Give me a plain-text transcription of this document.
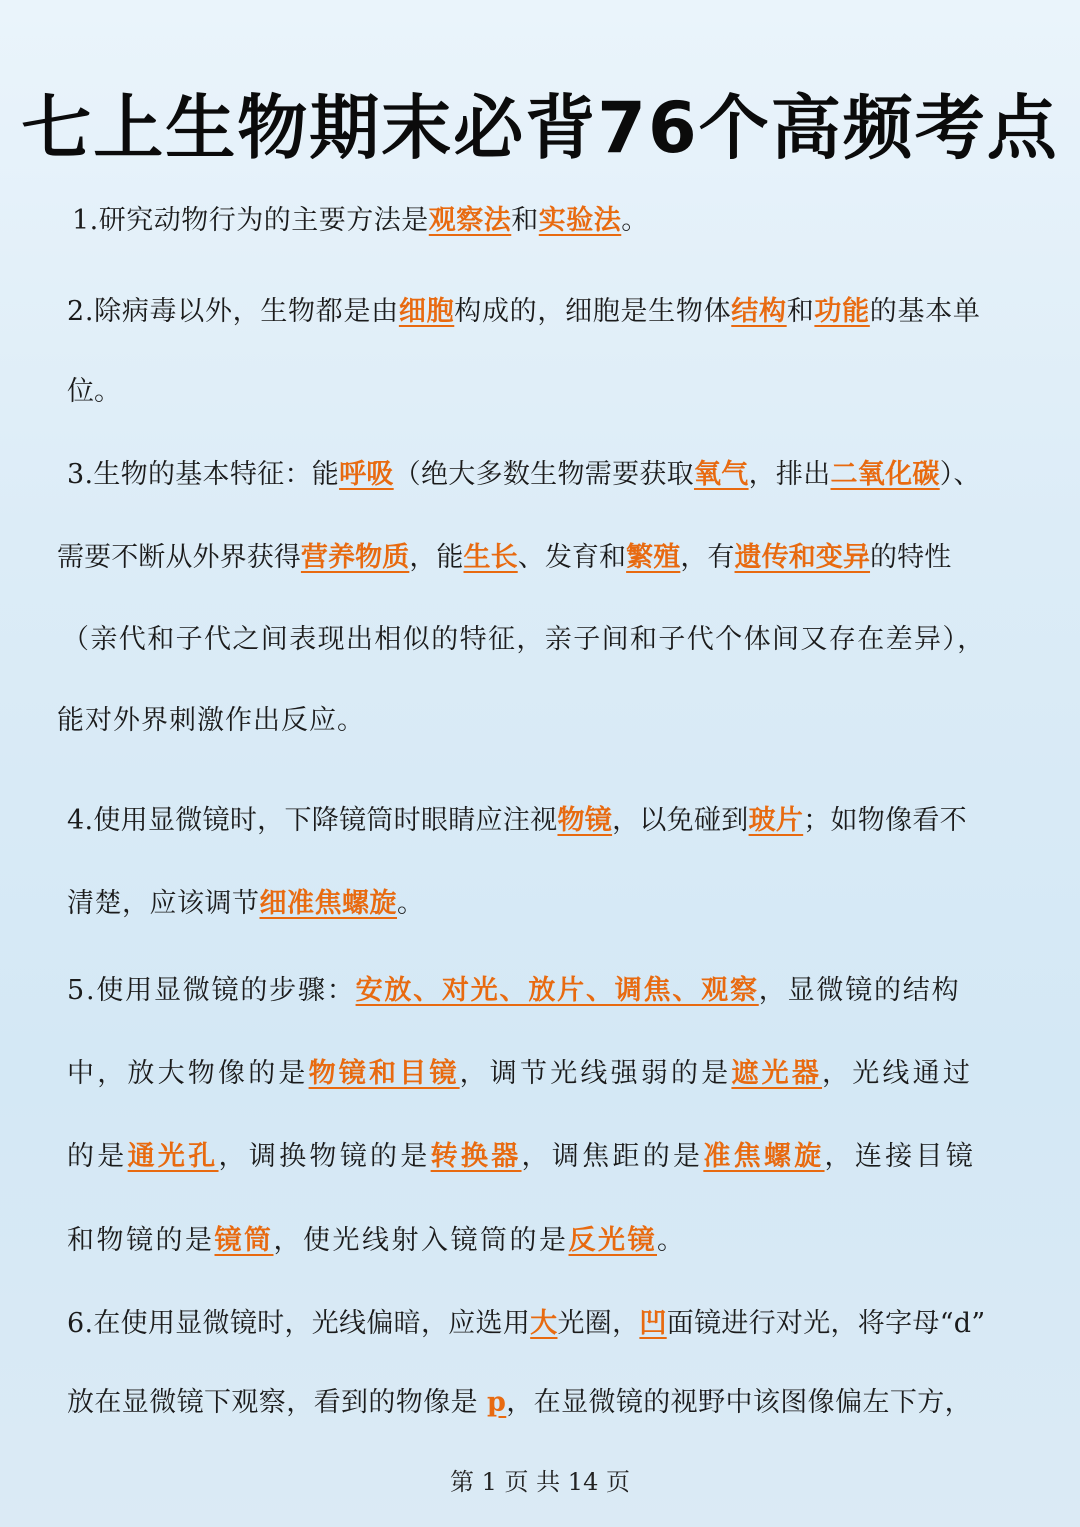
七上生物期末必背76个高频考点
1.研究动物行为的主要方法是观察法和实验法。
2.除病毒以外，生物都是由细胞构成的，细胞是生物体结构和功能的基本单
位。
3.生物的基本特征：能呼吸（绝大多数生物需要获取氧气，排出二氧化碳）、
需要不断从外界获得营养物质，能生长、发育和繁殖，有遗传和变异的特性
（亲代和子代之间表现出相似的特征，亲子间和子代个体间又存在差异），
能对外界刺激作出反应。
4.使用显微镜时，下降镜筒时眼睛应注视物镜，以免碰到玻片；如物像看不
清楚，应该调节细准焦螺旋。
5.使用显微镜的步骤：安放、对光、放片、调焦、观察，显微镜的结构
中，放大物像的是物镜和目镜，调节光线强弱的是遮光器，光线通过
的是通光孔，调换物镜的是转换器，调焦距的是准焦螺旋，连接目镜
和物镜的是镜筒，使光线射入镜筒的是反光镜。
6.在使用显微镜时，光线偏暗，应选用大光圈，凹面镜进行对光，将字母“d”
放在显微镜下观察，看到的物像是 p，在显微镜的视野中该图像偏左下方，
第 1 页 共 14 页
